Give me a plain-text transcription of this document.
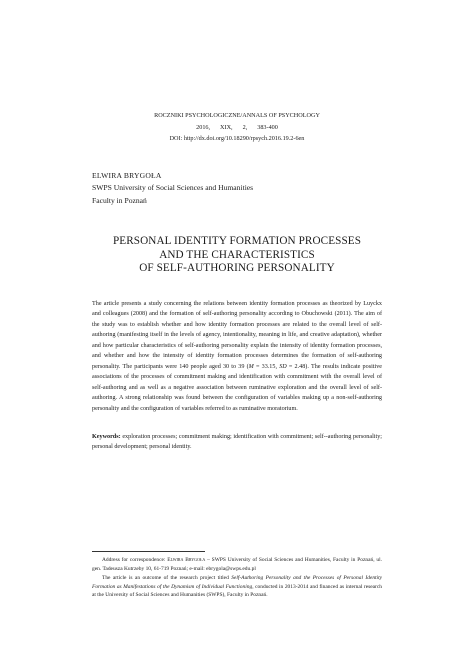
ROCZNIKI PSYCHOLOGICZNE/ANNALS OF PSYCHOLOGY
2016, XIX, 2, 383-400
DOI: http://dx.doi.org/10.18290/rpsych.2016.19.2-6en
ELWIRA BRYGOŁA
SWPS University of Social Sciences and Humanities
Faculty in Poznań
PERSONAL IDENTITY FORMATION PROCESSES
AND THE CHARACTERISTICS
OF SELF-AUTHORING PERSONALITY
The article presents a study concerning the relations between identity formation processes as theorized by Luyckx and colleagues (2008) and the formation of self-authoring personality according to Obuchowski (2011). The aim of the study was to establish whether and how identity formation processes are related to the overall level of self-authoring (manifesting itself in the levels of agency, intentionality, meaning in life, and creative adaptation), whether and how particular characteristics of self-authoring personality explain the intensity of identity formation processes, and whether and how the intensity of identity formation processes determines the formation of self-authoring personality. The participants were 140 people aged 30 to 39 (M = 33.15, SD = 2.48). The results indicate positive associations of the processes of commitment making and identification with commitment with the overall level of self-authoring and as well as a negative association between ruminative exploration and the overall level of self-authoring. A strong relationship was found between the configuration of variables making up a non-self-authoring personality and the configuration of variables referred to as ruminative moratorium.
Keywords: exploration processes; commitment making; identification with commitment; self--authoring personality; personal development; personal identity.

Address for correspondence: Elwira Brygoła – SWPS University of Social Sciences and Humanities, Faculty in Poznań, ul. gen. Tadeusza Kutrzeby 10, 61-719 Poznań; e-mail: ebrygola@swps.edu.pl

The article is an outcome of the research project titled Self-Authoring Personality and the Processes of Personal Identity Formation as Manifestations of the Dynamism of Individual Functioning, conducted in 2013-2014 and financed as internal research at the University of Social Sciences and Humanities (SWPS), Faculty in Poznań.
